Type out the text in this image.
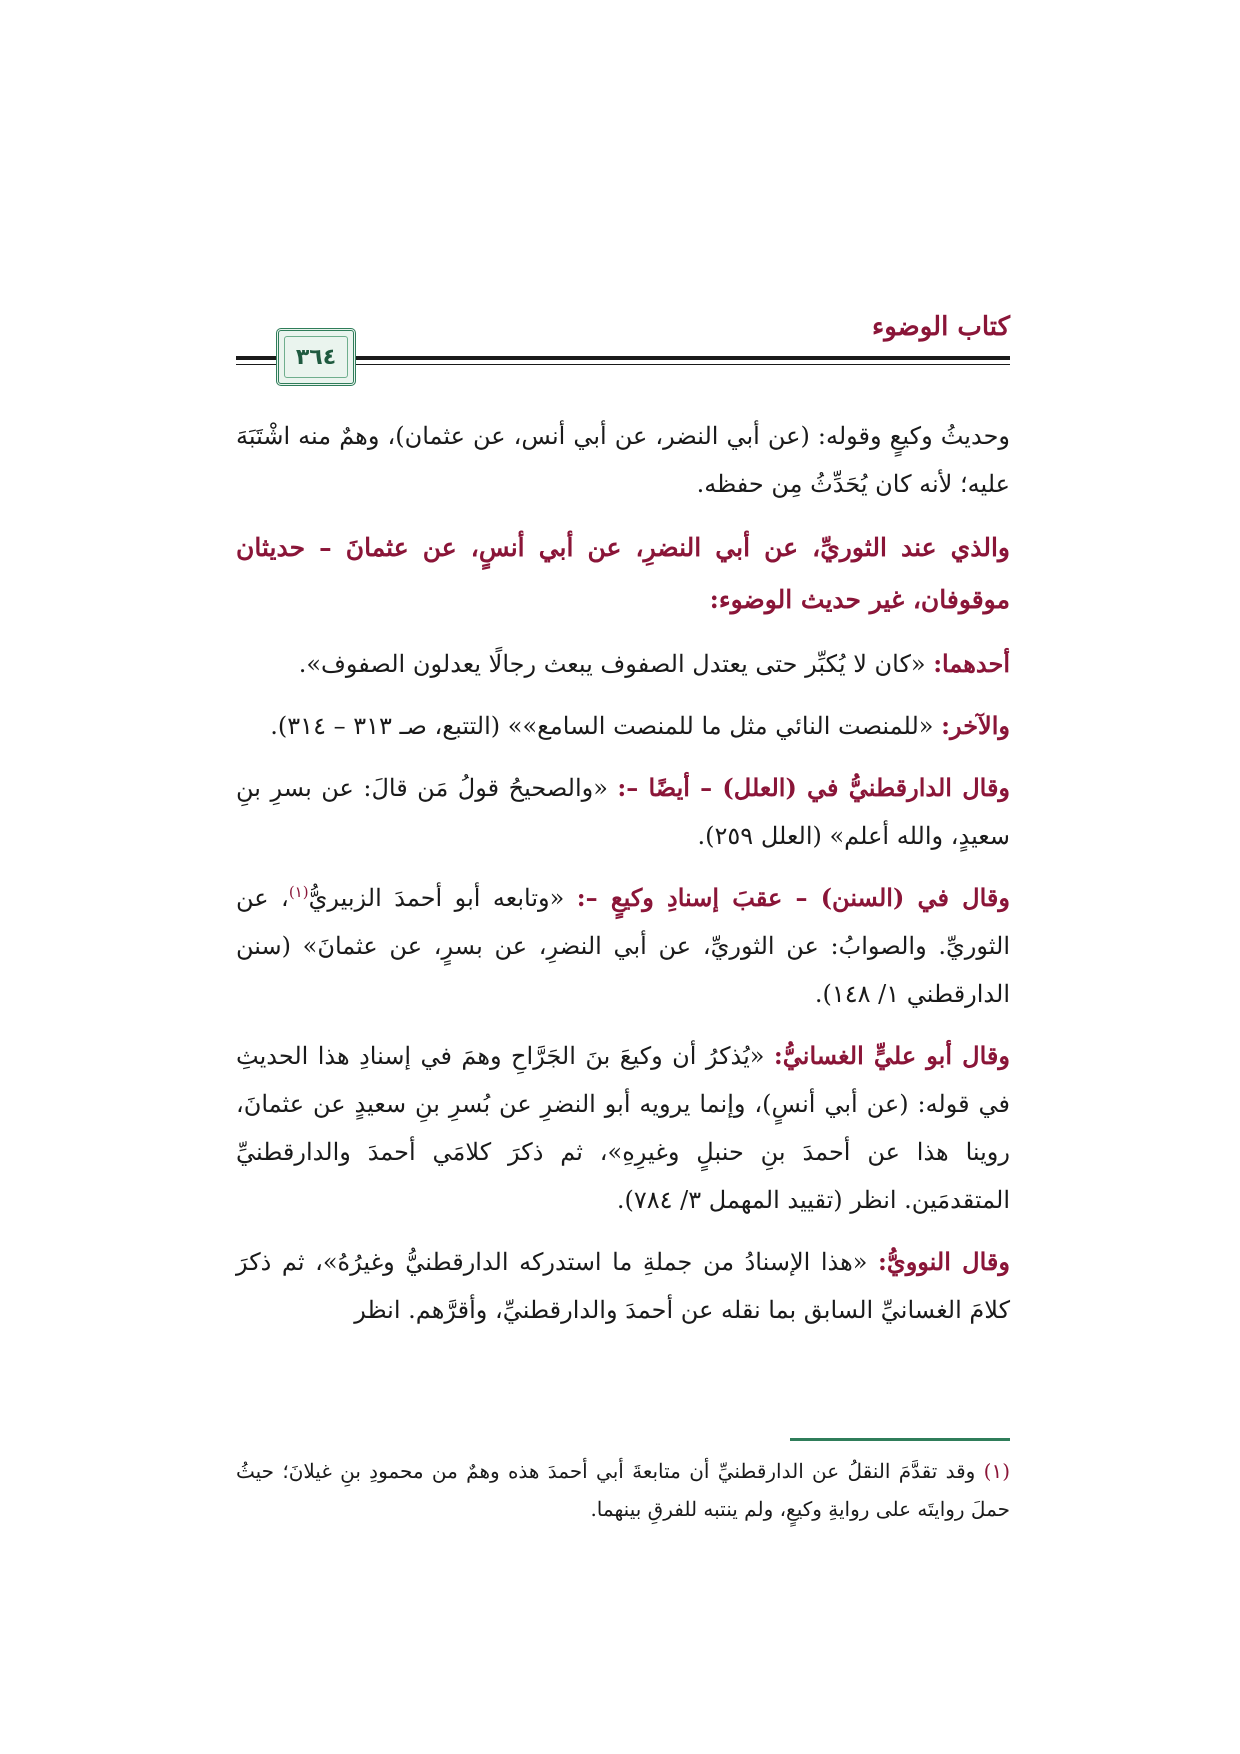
كتاب الوضوء
٣٦٤

وحديثُ وكيعٍ وقوله: (عن أبي النضر، عن أبي أنس، عن عثمان)، وهمٌ منه اشْتَبَهَ عليه؛ لأنه كان يُحَدِّثُ مِن حفظه.

والذي عند الثوريِّ، عن أبي النضرِ، عن أبي أنسٍ، عن عثمانَ – حديثان موقوفان، غير حديث الوضوء:

أحدهما: «كان لا يُكبِّر حتى يعتدل الصفوف يبعث رجالًا يعدلون الصفوف».

والآخر: «للمنصت النائي مثل ما للمنصت السامع»» (التتبع، صـ ٣١٣ – ٣١٤).

وقال الدارقطنيُّ في (العلل) – أيضًا –: «والصحيحُ قولُ مَن قالَ: عن بسرِ بنِ سعيدٍ، والله أعلم» (العلل ٢٥٩).

وقال في (السنن) – عقبَ إسنادِ وكيعٍ –: «وتابعه أبو أحمدَ الزبيريُّ$^{(١)}$، عن الثوريِّ. والصوابُ: عن الثوريِّ، عن أبي النضرِ، عن بسرٍ، عن عثمانَ» (سنن الدارقطني ١/ ١٤٨).

وقال أبو عليٍّ الغسانيُّ: «يُذكرُ أن وكيعَ بنَ الجَرَّاحِ وهمَ في إسنادِ هذا الحديثِ في قوله: (عن أبي أنسٍ)، وإنما يرويه أبو النضرِ عن بُسرِ بنِ سعيدٍ عن عثمانَ، روينا هذا عن أحمدَ بنِ حنبلٍ وغيرِهِ»، ثم ذكرَ كلامَي أحمدَ والدارقطنيِّ المتقدمَين. انظر (تقييد المهمل ٣/ ٧٨٤).

وقال النوويُّ: «هذا الإسنادُ من جملةِ ما استدركه الدارقطنيُّ وغيرُهُ»، ثم ذكرَ كلامَ الغسانيِّ السابق بما نقله عن أحمدَ والدارقطنيِّ، وأقرَّهم. انظر

(١) وقد تقدَّمَ النقلُ عن الدارقطنيِّ أن متابعةَ أبي أحمدَ هذه وهمٌ من محمودِ بنِ غيلانَ؛ حيثُ حملَ روايتَه على روايةِ وكيعٍ، ولم ينتبه للفرقِ بينهما.
